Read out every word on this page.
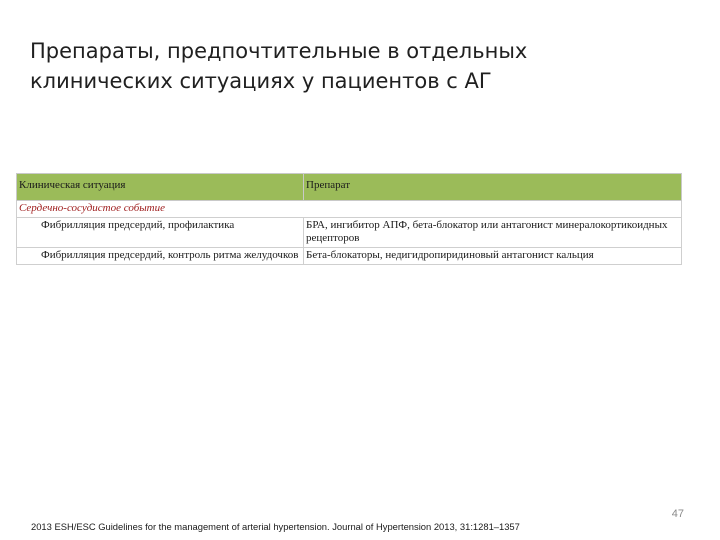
Препараты, предпочтительные в отдельных
клинических ситуациях у пациентов с АГ
Клиническая ситуация	Препарат
Сердечно-сосудистое событие	
Фибрилляция предсердий, профилактика	БРА, ингибитор АПФ, бета-блокатор или антагонист минералокортикоидных рецепторов

Фибрилляция предсердий, контроль ритма желудочков	Бета-блокаторы, недигидропиридиновый антагонист кальция
47
2013 ESH/ESC Guidelines for the management of arterial hypertension. Journal of Hypertension 2013, 31:1281–1357
